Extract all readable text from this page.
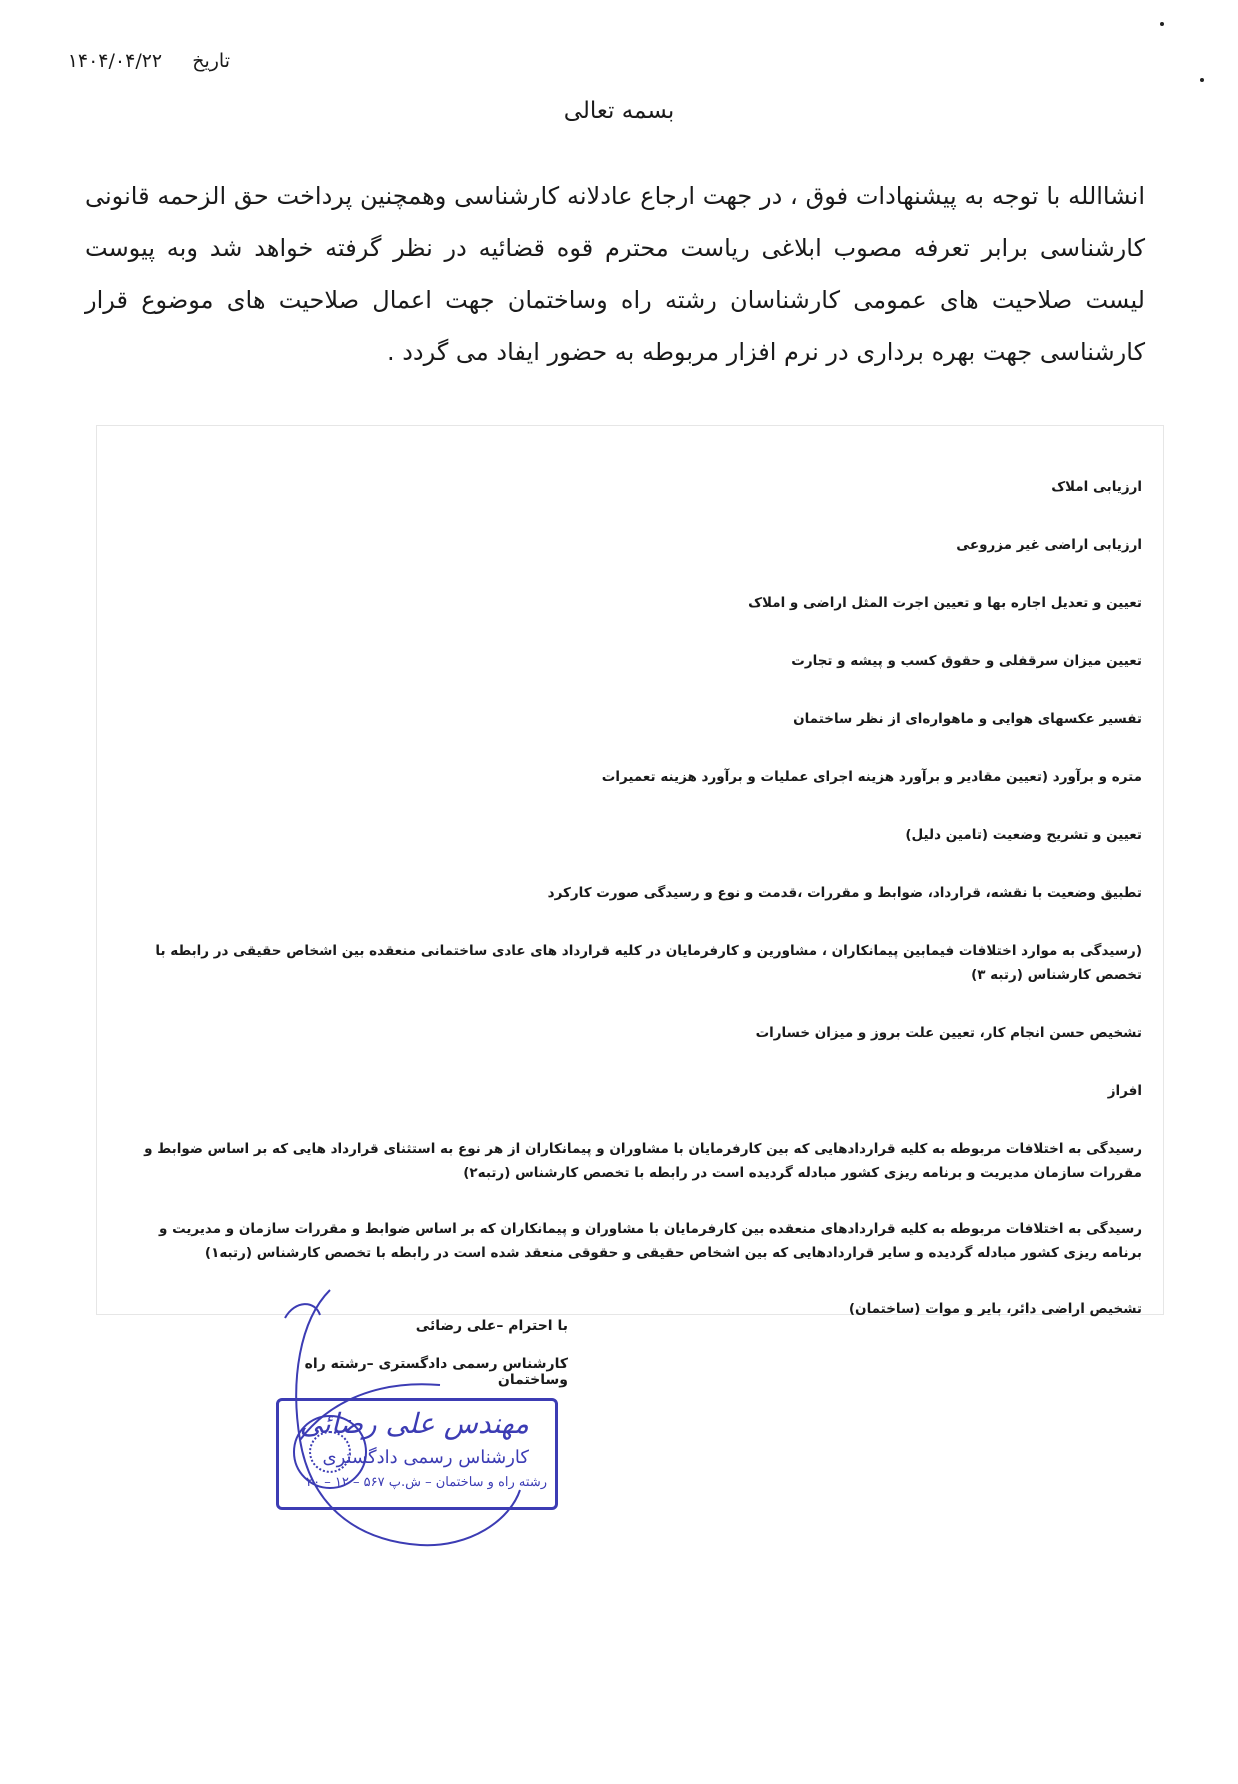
تاریخ ۱۴۰۴/۰۴/۲۲
بسمه تعالی

انشاالله با توجه به پیشنهادات فوق ، در جهت ارجاع عادلانه کارشناسی وهمچنین پرداخت حق الزحمه قانونی کارشناسی برابر تعرفه مصوب ابلاغی ریاست محترم قوه قضائیه در نظر گرفته خواهد شد وبه پیوست لیست صلاحیت های عمومی کارشناسان رشته راه وساختمان جهت اعمال صلاحیت های موضوع قرار کارشناسی جهت بهره برداری در نرم افزار مربوطه به حضور ایفاد می گردد .

ارزیابی املاک
ارزیابی اراضی غیر مزروعی
تعیین و تعدیل اجاره بها و تعیین اجرت المثل اراضی و املاک
تعیین میزان سرقفلی و حقوق کسب و پیشه و تجارت
تفسیر عکسهای هوایی و ماهواره‌ای از نظر ساختمان
متره و برآورد (تعیین مقادیر و برآورد هزینه اجرای عملیات و برآورد هزینه تعمیرات
تعیین و تشریح وضعیت (تامین دلیل)
تطبیق وضعیت با نقشه، قرارداد، ضوابط و مقررات ،قدمت و نوع و رسیدگی صورت کارکرد
(رسیدگی به موارد اختلافات فیمابین پیمانکاران ، مشاورین و کارفرمایان در کلیه قرارداد های عادی ساختمانی منعقده بین اشخاص حقیقی در رابطه با تخصص کارشناس (رتبه ۳)
تشخیص حسن انجام کار، تعیین علت بروز و میزان خسارات
افراز
رسیدگی به اختلافات مربوطه به کلیه قراردادهایی که بین کارفرمایان با مشاوران و پیمانکاران از هر نوع به استثنای قرارداد هایی که بر اساس ضوابط و مقررات سازمان مدیریت و برنامه ریزی کشور مبادله گردیده است در رابطه با تخصص کارشناس (رتبه۲)
رسیدگی به اختلافات مربوطه به کلیه قراردادهای منعقده بین کارفرمایان با مشاوران و پیمانکاران که بر اساس ضوابط و مقررات سازمان و مدیریت و برنامه ریزی کشور مبادله گردیده و سایر قراردادهایی که بین اشخاص حقیقی و حقوقی منعقد شده است در رابطه با تخصص کارشناس (رتبه۱)
تشخیص اراضی دائر، بایر و موات (ساختمان)
با احترام –علی رضائی
کارشناس رسمی دادگستری –رشته راه وساختمان
مهندس علی رضائی
کارشناس رسمی دادگستری
رشته راه و ساختمان – ش.پ ۵۶۷ – ۱۲ – ۲۰
